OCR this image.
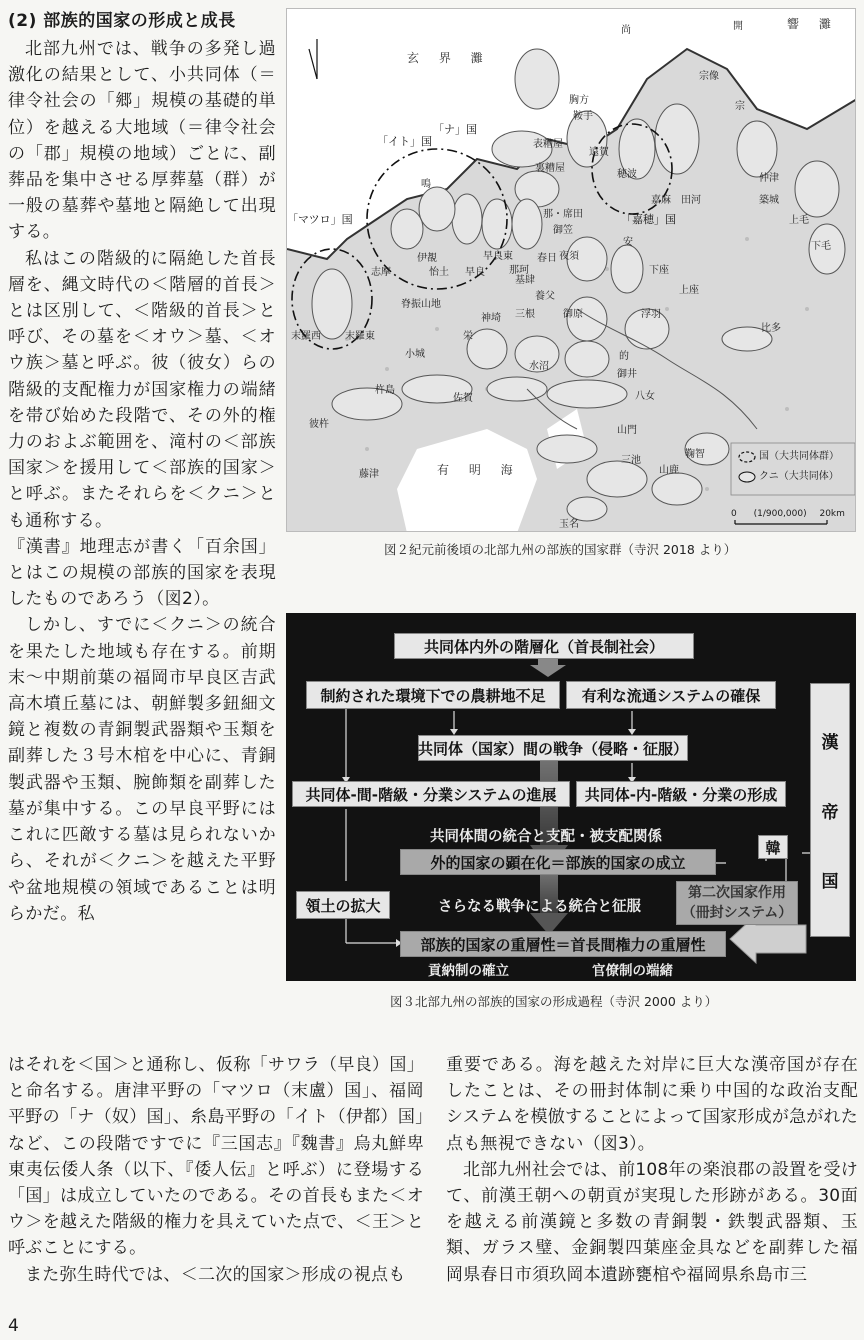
(2) 部族的国家の形成と成長

北部九州では、戦争の多発し過激化の結果として、小共同体（＝律令社会の「郷」規模の基礎的単位）を越える大地域（＝律令社会の「郡」規模の地域）ごとに、副葬品を集中させる厚葬墓（群）が一般の墓葬や墓地と隔絶して出現する。

私はこの階級的に隔絶した首長層を、縄文時代の＜階層的首長＞とは区別して、＜階級的首長＞と呼び、その墓を＜オウ＞墓、＜オウ族＞墓と呼ぶ。彼（彼女）らの階級的支配権力が国家権力の端緒を帯び始めた段階で、その外的権力のおよぶ範囲を、滝村の＜部族国家＞を援用して＜部族的国家＞と呼ぶ。またそれらを＜クニ＞とも通称する。

『漢書』地理志が書く「百余国」とはこの規模の部族的国家を表現したものであろう（図2）。

しかし、すでに＜クニ＞の統合を果たした地域も存在する。前期末～中期前葉の福岡市早良区吉武高木墳丘墓には、朝鮮製多鈕細文鏡と複数の青銅製武器類や玉類を副葬した３号木棺を中心に、青銅製武器や玉類、腕飾類を副葬した墓が集中する。この早良平野にはこれに匹敵する墓は見られないから、それが＜クニ＞を越えた平野や盆地規模の領域であることは明らかだ。私

玄 界 灘
響 灘
有 明 海
「イト」国
「ナ」国
「マツロ」国	「嘉穂」国
尚	開
宗像
宗
胸方
鞍手
表糟屋
裏糟屋
穂波
遠賀
嘉麻 田河
仲津
築城
上毛
下毛
鳴
伊覩
怡土
早良東
早良 那珂
那・席田
御笠
春日 夜須
基肆
養父
安
下座
上座
比多
脊振山地
神埼 三根
小城
栄
御原	浮羽
的
水沼
御井
八女
山門
佐賀
杵島
彼杵
藤津
三池
山鹿
鞠智
玉名
末羅西 末羅東
志摩
国（大共同体群）
クニ（大共同体）
0 (1/900,000) 20km
図２紀元前後頃の北部九州の部族的国家群（寺沢 2018 より）
共同体内外の階層化（首長制社会）
制約された環境下での農耕地不足	有利な流通システムの確保
共同体（国家）間の戦争（侵略・征服）
共同体-間-階級・分業システムの進展	共同体-内-階級・分業の形成
共同体間の統合と支配・被支配関係
外的国家の顕在化＝部族的国家の成立
韓
領土の拡大	さらなる戦争による統合と征服
第二次国家作用
（冊封システム）
部族的国家の重層性＝首長間権力の重層性
貢納制の確立	官僚制の端緒
漢
帝
国
図３北部九州の部族的国家の形成過程（寺沢 2000 より）

はそれを＜国＞と通称し、仮称「サワラ（早良）国」と命名する。唐津平野の「マツロ（末盧）国」、福岡平野の「ナ（奴）国」、糸島平野の「イト（伊都）国」など、この段階ですでに『三国志』『魏書』烏丸鮮卑東夷伝倭人条（以下、『倭人伝』と呼ぶ）に登場する「国」は成立していたのである。その首長もまた＜オウ＞を越えた階級的権力を具えていた点で、＜王＞と呼ぶことにする。

また弥生時代では、＜二次的国家＞形成の視点も

重要である。海を越えた対岸に巨大な漢帝国が存在したことは、その冊封体制に乗り中国的な政治支配システムを模倣することによって国家形成が急がれた点も無視できない（図3）。

北部九州社会では、前108年の楽浪郡の設置を受けて、前漢王朝への朝貢が実現した形跡がある。30面を越える前漢鏡と多数の青銅製・鉄製武器類、玉類、ガラス璧、金銅製四葉座金具などを副葬した福岡県春日市須玖岡本遺跡甕棺や福岡県糸島市三

4
